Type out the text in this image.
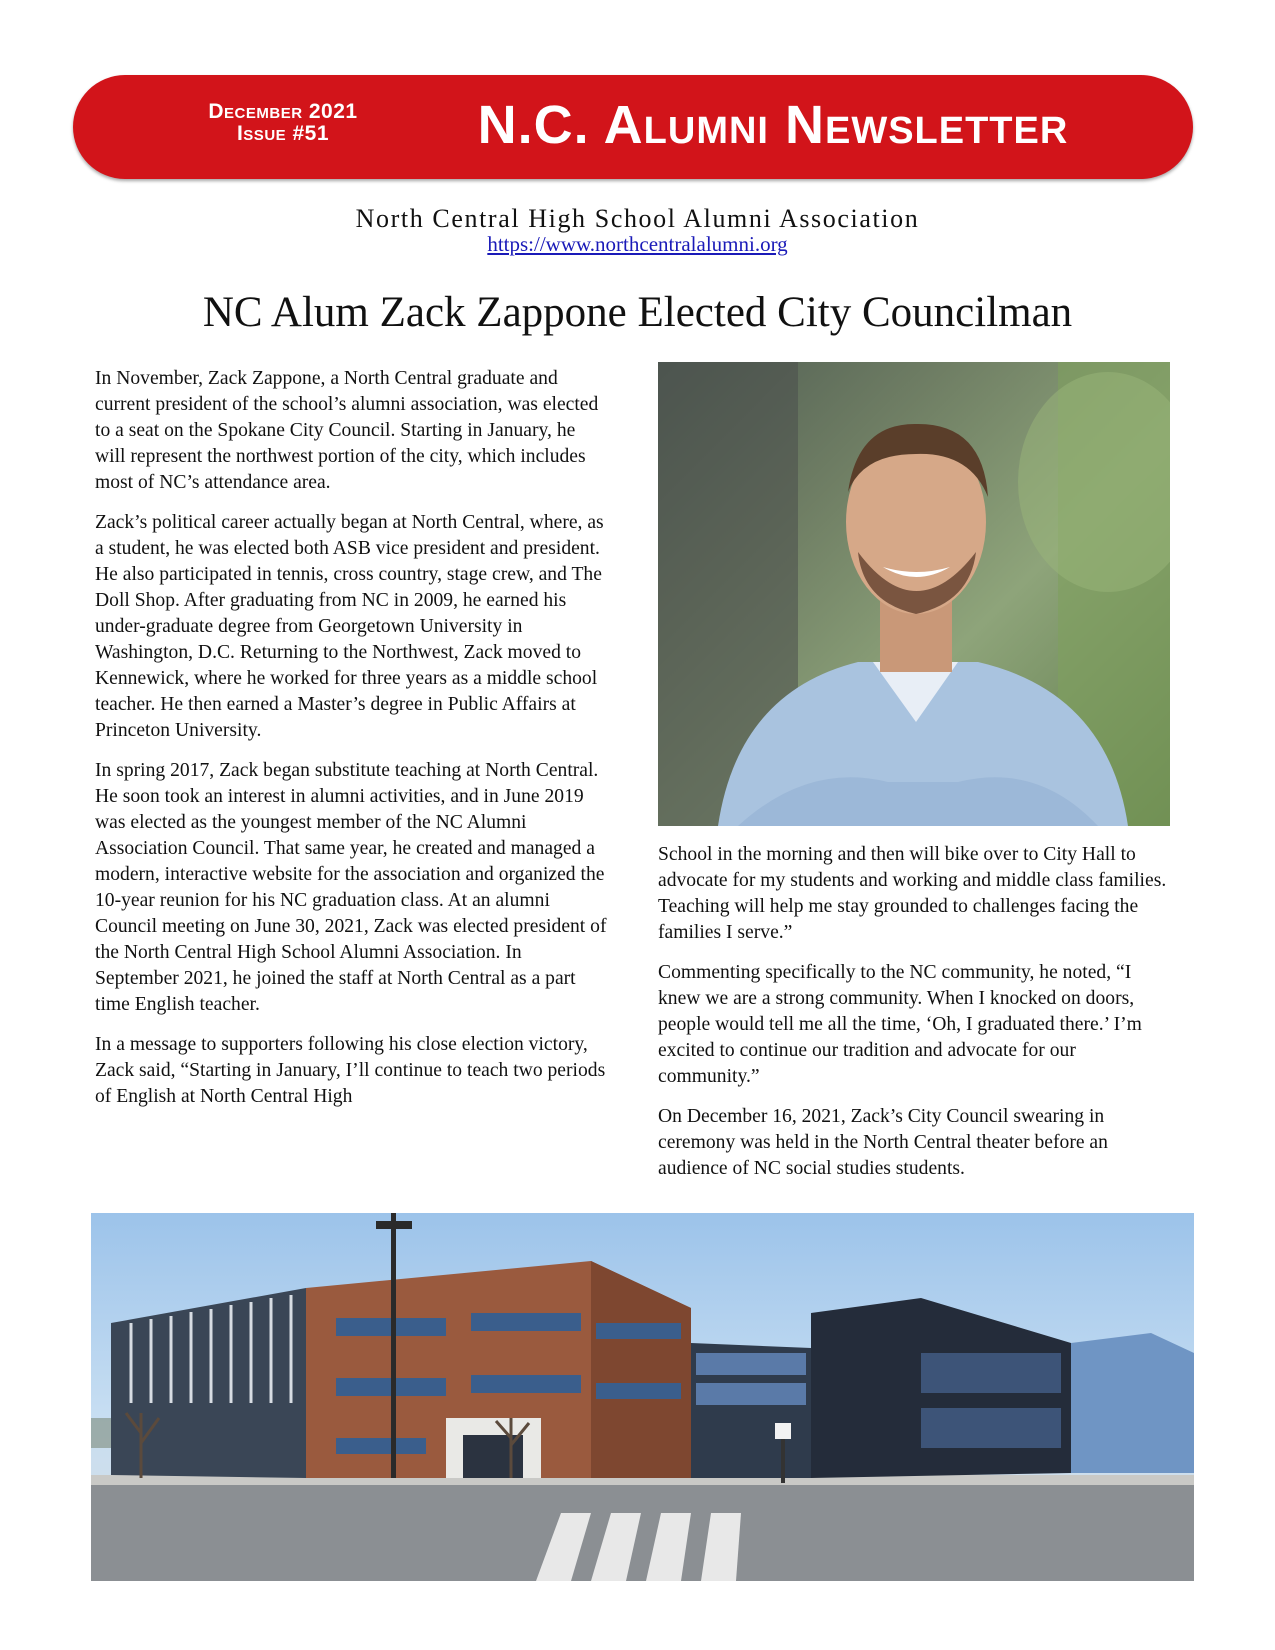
December 2021
Issue #51	N.C. Alumni Newsletter
North Central High School Alumni Association
https://www.northcentralalumni.org
NC Alum Zack Zappone Elected City Councilman

In November, Zack Zappone, a North Central graduate and current president of the school’s alumni association, was elected to a seat on the Spokane City Council. Starting in January, he will represent the northwest portion of the city, which includes most of NC’s attendance area.

Zack’s political career actually began at North Central, where, as a student, he was elected both ASB vice president and president. He also participated in tennis, cross country, stage crew, and The Doll Shop. After graduating from NC in 2009, he earned his under-graduate degree from Georgetown University in Washington, D.C. Returning to the Northwest, Zack moved to Kennewick, where he worked for three years as a middle school teacher. He then earned a Master’s degree in Public Affairs at Princeton University.

In spring 2017, Zack began substitute teaching at North Central. He soon took an interest in alumni activities, and in June 2019 was elected as the youngest member of the NC Alumni Association Council. That same year, he created and managed a modern, interactive website for the association and organized the 10-year reunion for his NC graduation class. At an alumni Council meeting on June 30, 2021, Zack was elected president of the North Central High School Alumni Association. In September 2021, he joined the staff at North Central as a part time English teacher.

In a message to supporters following his close election victory, Zack said, “Starting in January, I’ll continue to teach two periods of English at North Central High

School in the morning and then will bike over to City Hall to advocate for my students and working and middle class families. Teaching will help me stay grounded to challenges facing the families I serve.”

Commenting specifically to the NC community, he noted, “I knew we are a strong community. When I knocked on doors, people would tell me all the time, ‘Oh, I graduated there.’ I’m excited to continue our tradition and advocate for our community.”

On December 16, 2021, Zack’s City Council swearing in ceremony was held in the North Central theater before an audience of NC social studies students.
